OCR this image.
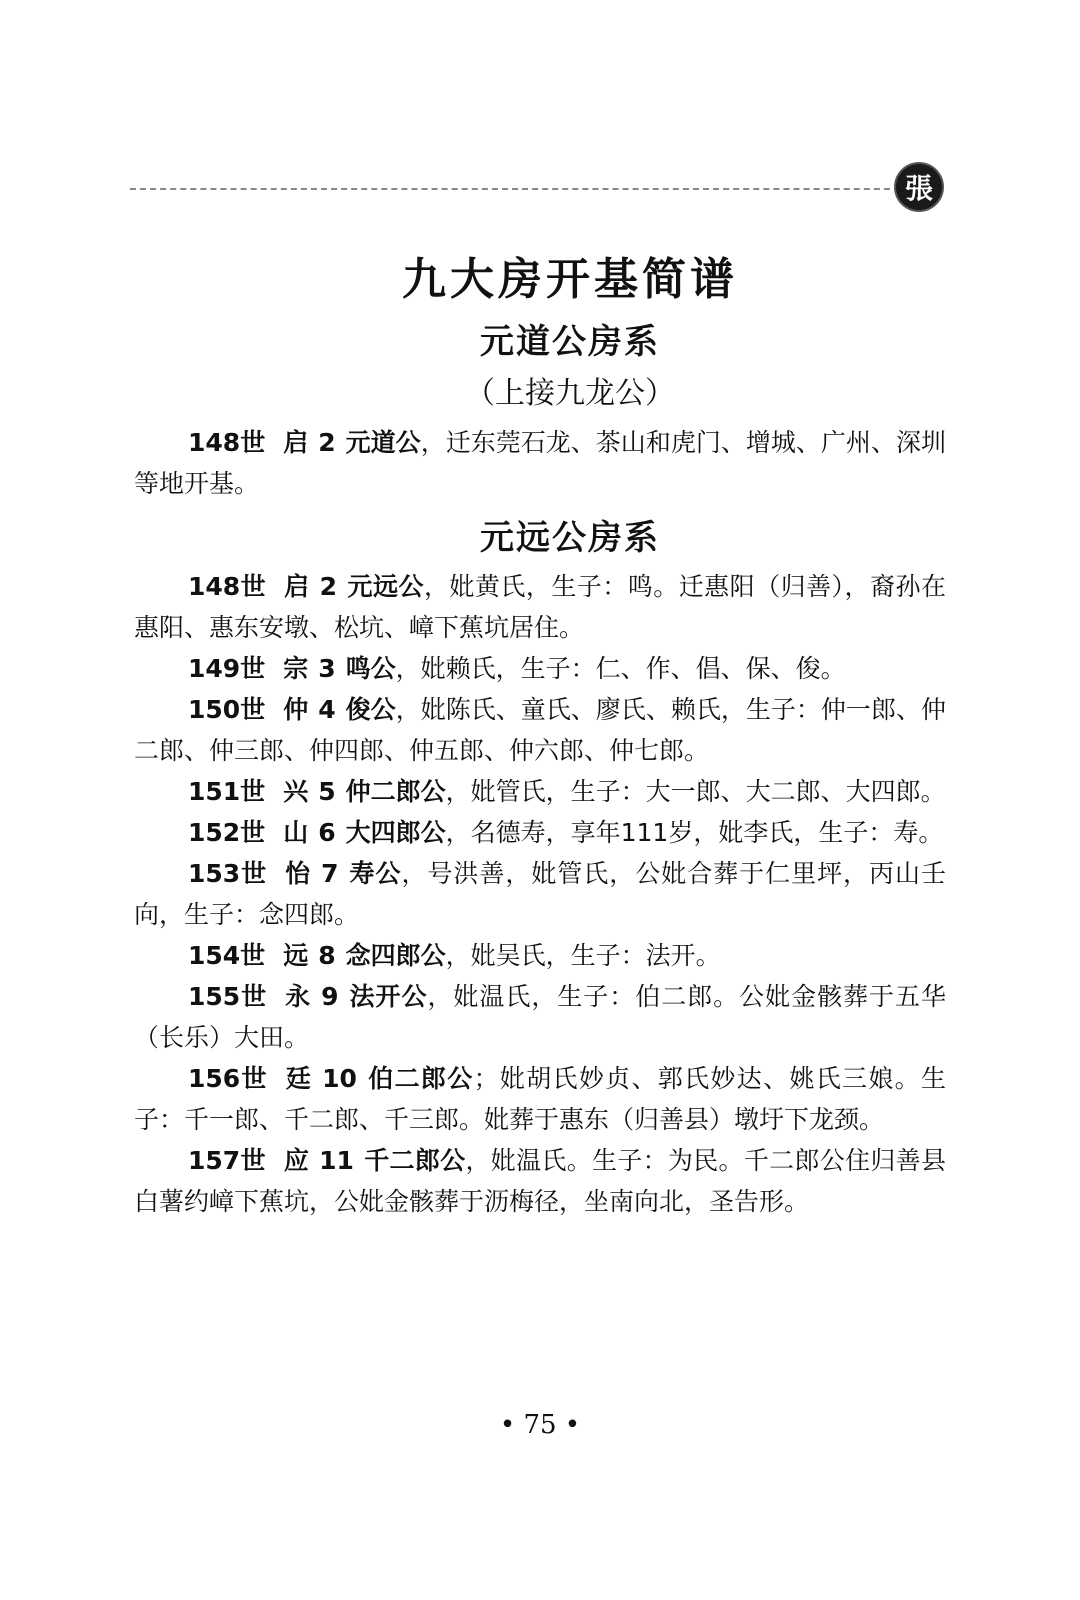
張
九大房开基简谱
元道公房系

（上接九龙公）

148世 启 2 元道公，迁东莞石龙、茶山和虎门、增城、广州、深圳等地开基。

元远公房系

148世 启 2 元远公，妣黄氏，生子：鸣。迁惠阳（归善），裔孙在惠阳、惠东安墩、松坑、嶂下蕉坑居住。

149世 宗 3 鸣公，妣赖氏，生子：仁、作、倡、保、俊。

150世 仲 4 俊公，妣陈氏、童氏、廖氏、赖氏，生子：仲一郎、仲二郎、仲三郎、仲四郎、仲五郎、仲六郎、仲七郎。

151世 兴 5 仲二郎公，妣管氏，生子：大一郎、大二郎、大四郎。

152世 山 6 大四郎公，名德寿，享年111岁，妣李氏，生子：寿。

153世 怡 7 寿公，号洪善，妣管氏，公妣合葬于仁里坪，丙山壬向，生子：念四郎。

154世 远 8 念四郎公，妣吴氏，生子：法开。

155世 永 9 法开公，妣温氏，生子：伯二郎。公妣金骸葬于五华（长乐）大田。

156世 廷 10 伯二郎公；妣胡氏妙贞、郭氏妙达、姚氏三娘。生子：千一郎、千二郎、千三郎。妣葬于惠东（归善县）墩圩下龙颈。

157世 应 11 千二郎公，妣温氏。生子：为民。千二郎公住归善县白薯约嶂下蕉坑，公妣金骸葬于沥梅径，坐南向北，圣告形。

• 75 •
